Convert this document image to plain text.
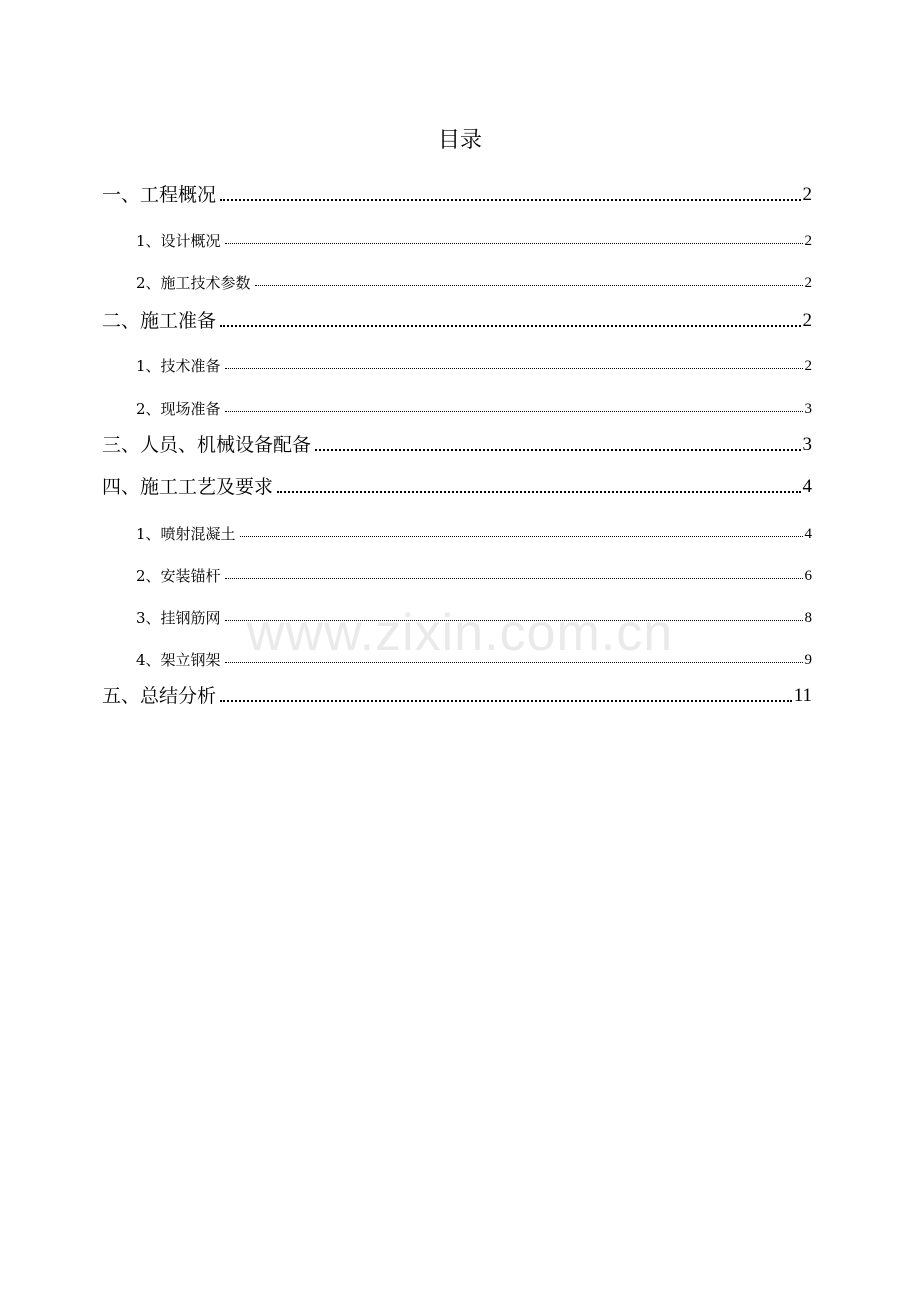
目录
一、工程概况	2
1、设计概况	2
2、施工技术参数	2
二、施工准备	2
1、技术准备	2
2、现场准备	3
三、人员、机械设备配备	3
四、施工工艺及要求	4
1、喷射混凝土	4
2、安装锚杆	6
3、挂钢筋网	8
4、架立钢架	9
五、总结分析	11
www.zixin.com.cn
